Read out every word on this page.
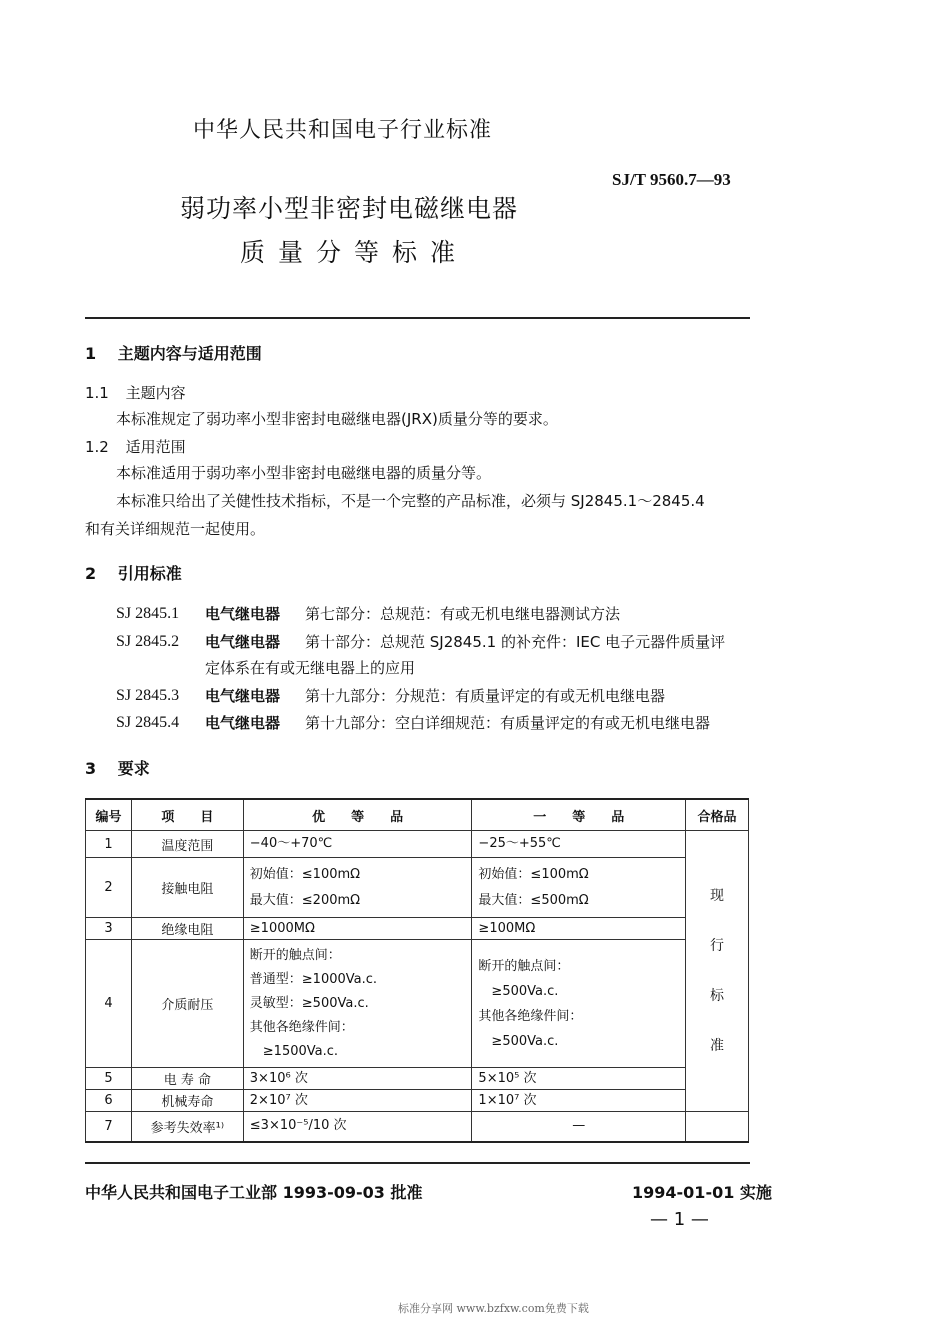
中华人民共和国电子行业标准
SJ/T 9560.7—93
弱功率小型非密封电磁继电器
质量分等标准
1 主题内容与适用范围
1.1 主题内容
本标准规定了弱功率小型非密封电磁继电器(JRX)质量分等的要求。
1.2 适用范围
本标准适用于弱功率小型非密封电磁继电器的质量分等。
本标准只给出了关健性技术指标，不是一个完整的产品标准，必须与 SJ2845.1～2845.4
和有关详细规范一起使用。
2 引用标准
SJ 2845.1 电气继电器 第七部分：总规范：有或无机电继电器测试方法
SJ 2845.2 电气继电器 第十部分：总规范 SJ2845.1 的补充件：IEC 电子元器件质量评
定体系在有或无继电器上的应用
SJ 2845.3 电气继电器 第十九部分：分规范：有质量评定的有或无机电继电器
SJ 2845.4 电气继电器 第十九部分：空白详细规范：有质量评定的有或无机电继电器
3 要求
编号	项　　目	优　　等　　品	一　　等　　品	合格品
1	温度范围	−40～+70℃	−25～+55℃	现
行
标
准

2	接触电阻	初始值：≤100mΩ
最大值：≤200mΩ	初始值：≤100mΩ
最大值：≤500mΩ	

3	绝缘电阻	≥1000MΩ	≥100MΩ	

4	介质耐压	断开的触点间：
普通型：≥1000Va.c.
灵敏型：≥500Va.c.
其他各绝缘件间：
　≥1500Va.c.	断开的触点间：
　≥500Va.c.
其他各绝缘件间：
　≥500Va.c.	

5	电 寿 命	3×10⁶ 次	5×10⁵ 次	

6	机械寿命	2×10⁷ 次	1×10⁷ 次	

7	参考失效率¹⁾	≤3×10⁻⁵/10 次	—	

中华人民共和国电子工业部 1993-09-03 批准	1994-01-01 实施
— 1 —
标准分享网 www.bzfxw.com免费下载
